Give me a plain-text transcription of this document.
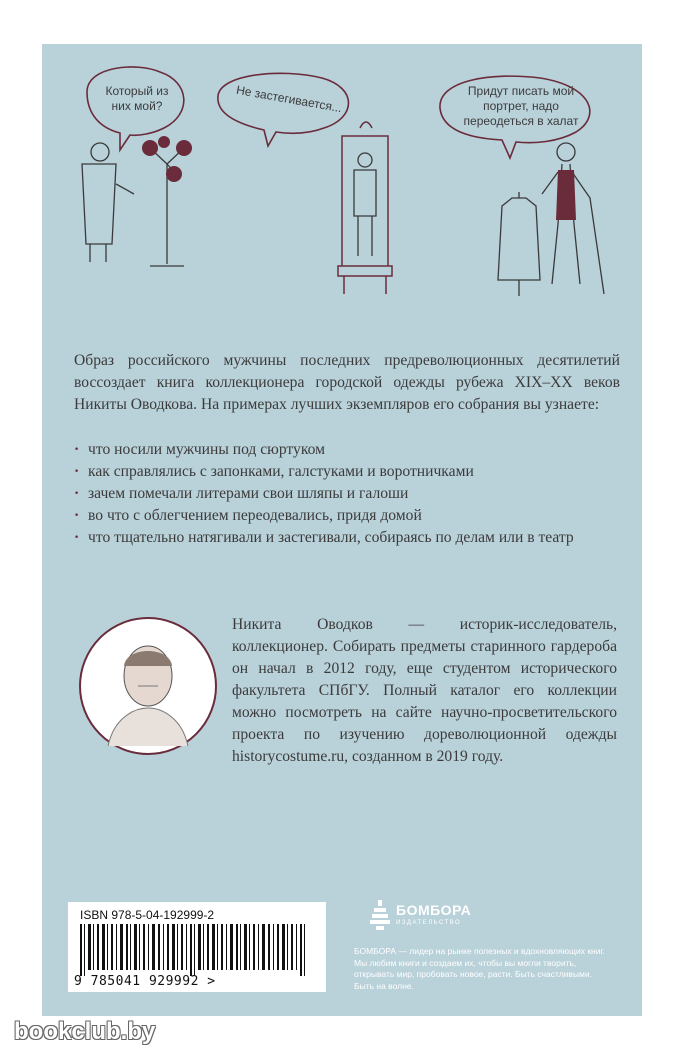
Который из
них мой?	Не застегивается...	Придут писать мой
портрет, надо
переодеться в халат
Образ российского мужчины последних предреволюционных десятилетий воссоздает книга коллекционера городской одежды рубежа XIX–XX веков Никиты Оводкова. На примерах лучших экземпляров его собрания вы узнаете:
· что носили мужчины под сюртуком
· как справлялись с запонками, галстуками и воротничками
· зачем помечали литерами свои шляпы и галоши
· во что с облегчением переодевались, придя домой
· что тщательно натягивали и застегивали, собираясь по делам или в театр
Никита Оводков — историк-исследователь, коллекционер. Собирать предметы старинного гардероба он начал в 2012 году, еще студентом исторического факультета СПбГУ. Полный каталог его коллекции можно посмотреть на сайте научно-просветительского проекта по изучению дореволюционной одежды historycostume.ru, созданном в 2019 году.
ISBN 978-5-04-192999-2
9 785041 929992 >
БОМБОРА
ИЗДАТЕЛЬСТВО
БОМБОРА — лидер на рынке полезных и вдохновляющих книг. Мы любим книги и создаем их, чтобы вы могли творить, открывать мир, пробовать новое, расти. Быть счастливыми. Быть на волне.
bookclub.by
